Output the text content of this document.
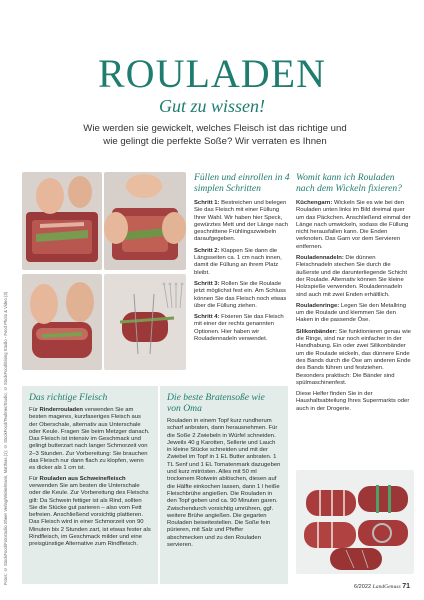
ROULADEN
Gut zu wissen!
Wie werden sie gewickelt, welches Fleisch ist das richtige und wie gelingt die perfekte Soße? Wir verraten es Ihnen
Fotos: © StockFood/Fotostudio Sheer Verlag/Winkelmann, Matthias (1); © StockFood/Teubner/Studio; © StockFood/Eising Studio - Food Photo & Video (3)
Füllen und einrollen in 4 simplen Schritten

Schritt 1: Bestreichen und belegen Sie das Fleisch mit einer Füllung Ihrer Wahl. Wir haben hier Speck, gewürztes Mett und der Länge nach geschnittene Frühlingszwiebeln daraufgegeben.

Schritt 2: Klappen Sie dann die Längsseiten ca. 1 cm nach innen, damit die Füllung an ihrem Platz bleibt.

Schritt 3: Rollen Sie die Roulade jetzt möglichst fest ein. Am Schluss können Sie das Fleisch noch etwas über die Füllung ziehen.

Schritt 4: Fixieren Sie das Fleisch mit einer der rechts genannten Optionen. Hier haben wir Rouladennadeln verwendet.

Womit kann ich Rouladen nach dem Wickeln fixieren?

Küchengarn: Wickeln Sie es wie bei den Rouladen unten links im Bild dreimal quer um das Päckchen. Anschließend einmal der Länge nach umwickeln, sodass die Füllung nicht herausfallen kann. Die Enden verknoten. Das Garn vor dem Servieren entfernen.

Rouladennadeln: Die dünnen Fleischnadeln stechen Sie durch die äußerste und die darunterliegende Schicht der Roulade. Alternativ können Sie kleine Holzspieße verwenden. Rouladennadeln sind auch mit zwei Enden erhältlich.

Rouladenringe: Legen Sie den Metallring um die Roulade und klemmen Sie den Haken in die passende Öse.

Silikonbänder: Sie funktionieren genau wie die Ringe, sind nur noch einfacher in der Handhabung. Ein oder zwei Silikonbänder um die Roulade wickeln, das dünnere Ende des Bands durch die Öse am anderen Ende des Bands führen und festziehen. Besonders praktisch: Die Bänder sind spülmaschinenfest.

Diese Helfer finden Sie in der Haushaltsabteilung Ihres Supermarkts oder auch in der Drogerie.

Das richtige Fleisch

Für Rinderrouladen verwenden Sie am besten mageres, kurzfaseriges Fleisch aus der Oberschale, alternativ aus Unterschale oder Keule. Fragen Sie beim Metzger danach. Das Fleisch ist intensiv im Geschmack und gelingt butterzart nach langer Schmorzeit von 2–3 Stunden. Zur Vorbereitung: Sie brauchen das Fleisch nur dann flach zu klopfen, wenn es dicker als 1 cm ist.

Für Rouladen aus Schweinefleisch verwenden Sie am besten die Unterschale oder die Keule. Zur Vorbereitung des Fleischs gilt: Da Schwein fettiger ist als Rind, sollten Sie die Stücke gut parieren – also vom Fett befreien. Anschließend vorsichtig plattieren. Das Fleisch wird in einer Schmorzeit von 90 Minuten bis 2 Stunden zart, ist etwas fester als Rindfleisch, im Geschmack milder und eine preisgünstige Alternative zum Rindfleisch.

Die beste Bratensoße wie von Oma

Rouladen in einem Topf kurz rundherum scharf anbraten, dann herausnehmen. Für die Soße 2 Zwiebeln in Würfel schneiden. Jeweils 40 g Karotten, Sellerie und Lauch in kleine Stücke schneiden und mit der Zwiebel im Topf in 1 EL Butter anbraten. 1 TL Senf und 1 EL Tomatenmark dazugeben und kurz mitrösten. Alles mit 50 ml trockenem Rotwein ablöschen, diesen auf die Hälfte einkochen lassen, dann 1 l heiße Fleischbrühe angießen. Die Rouladen in den Topf geben und ca. 90 Minuten garen. Zwischendurch vorsichtig umrühren, ggf. weitere Brühe angießen. Die gegarten Rouladen beiseitestellen. Die Soße fein pürieren, mit Salz und Pfeffer abschmecken und zu den Rouladen servieren.

6/2022 LandGenuss 71
